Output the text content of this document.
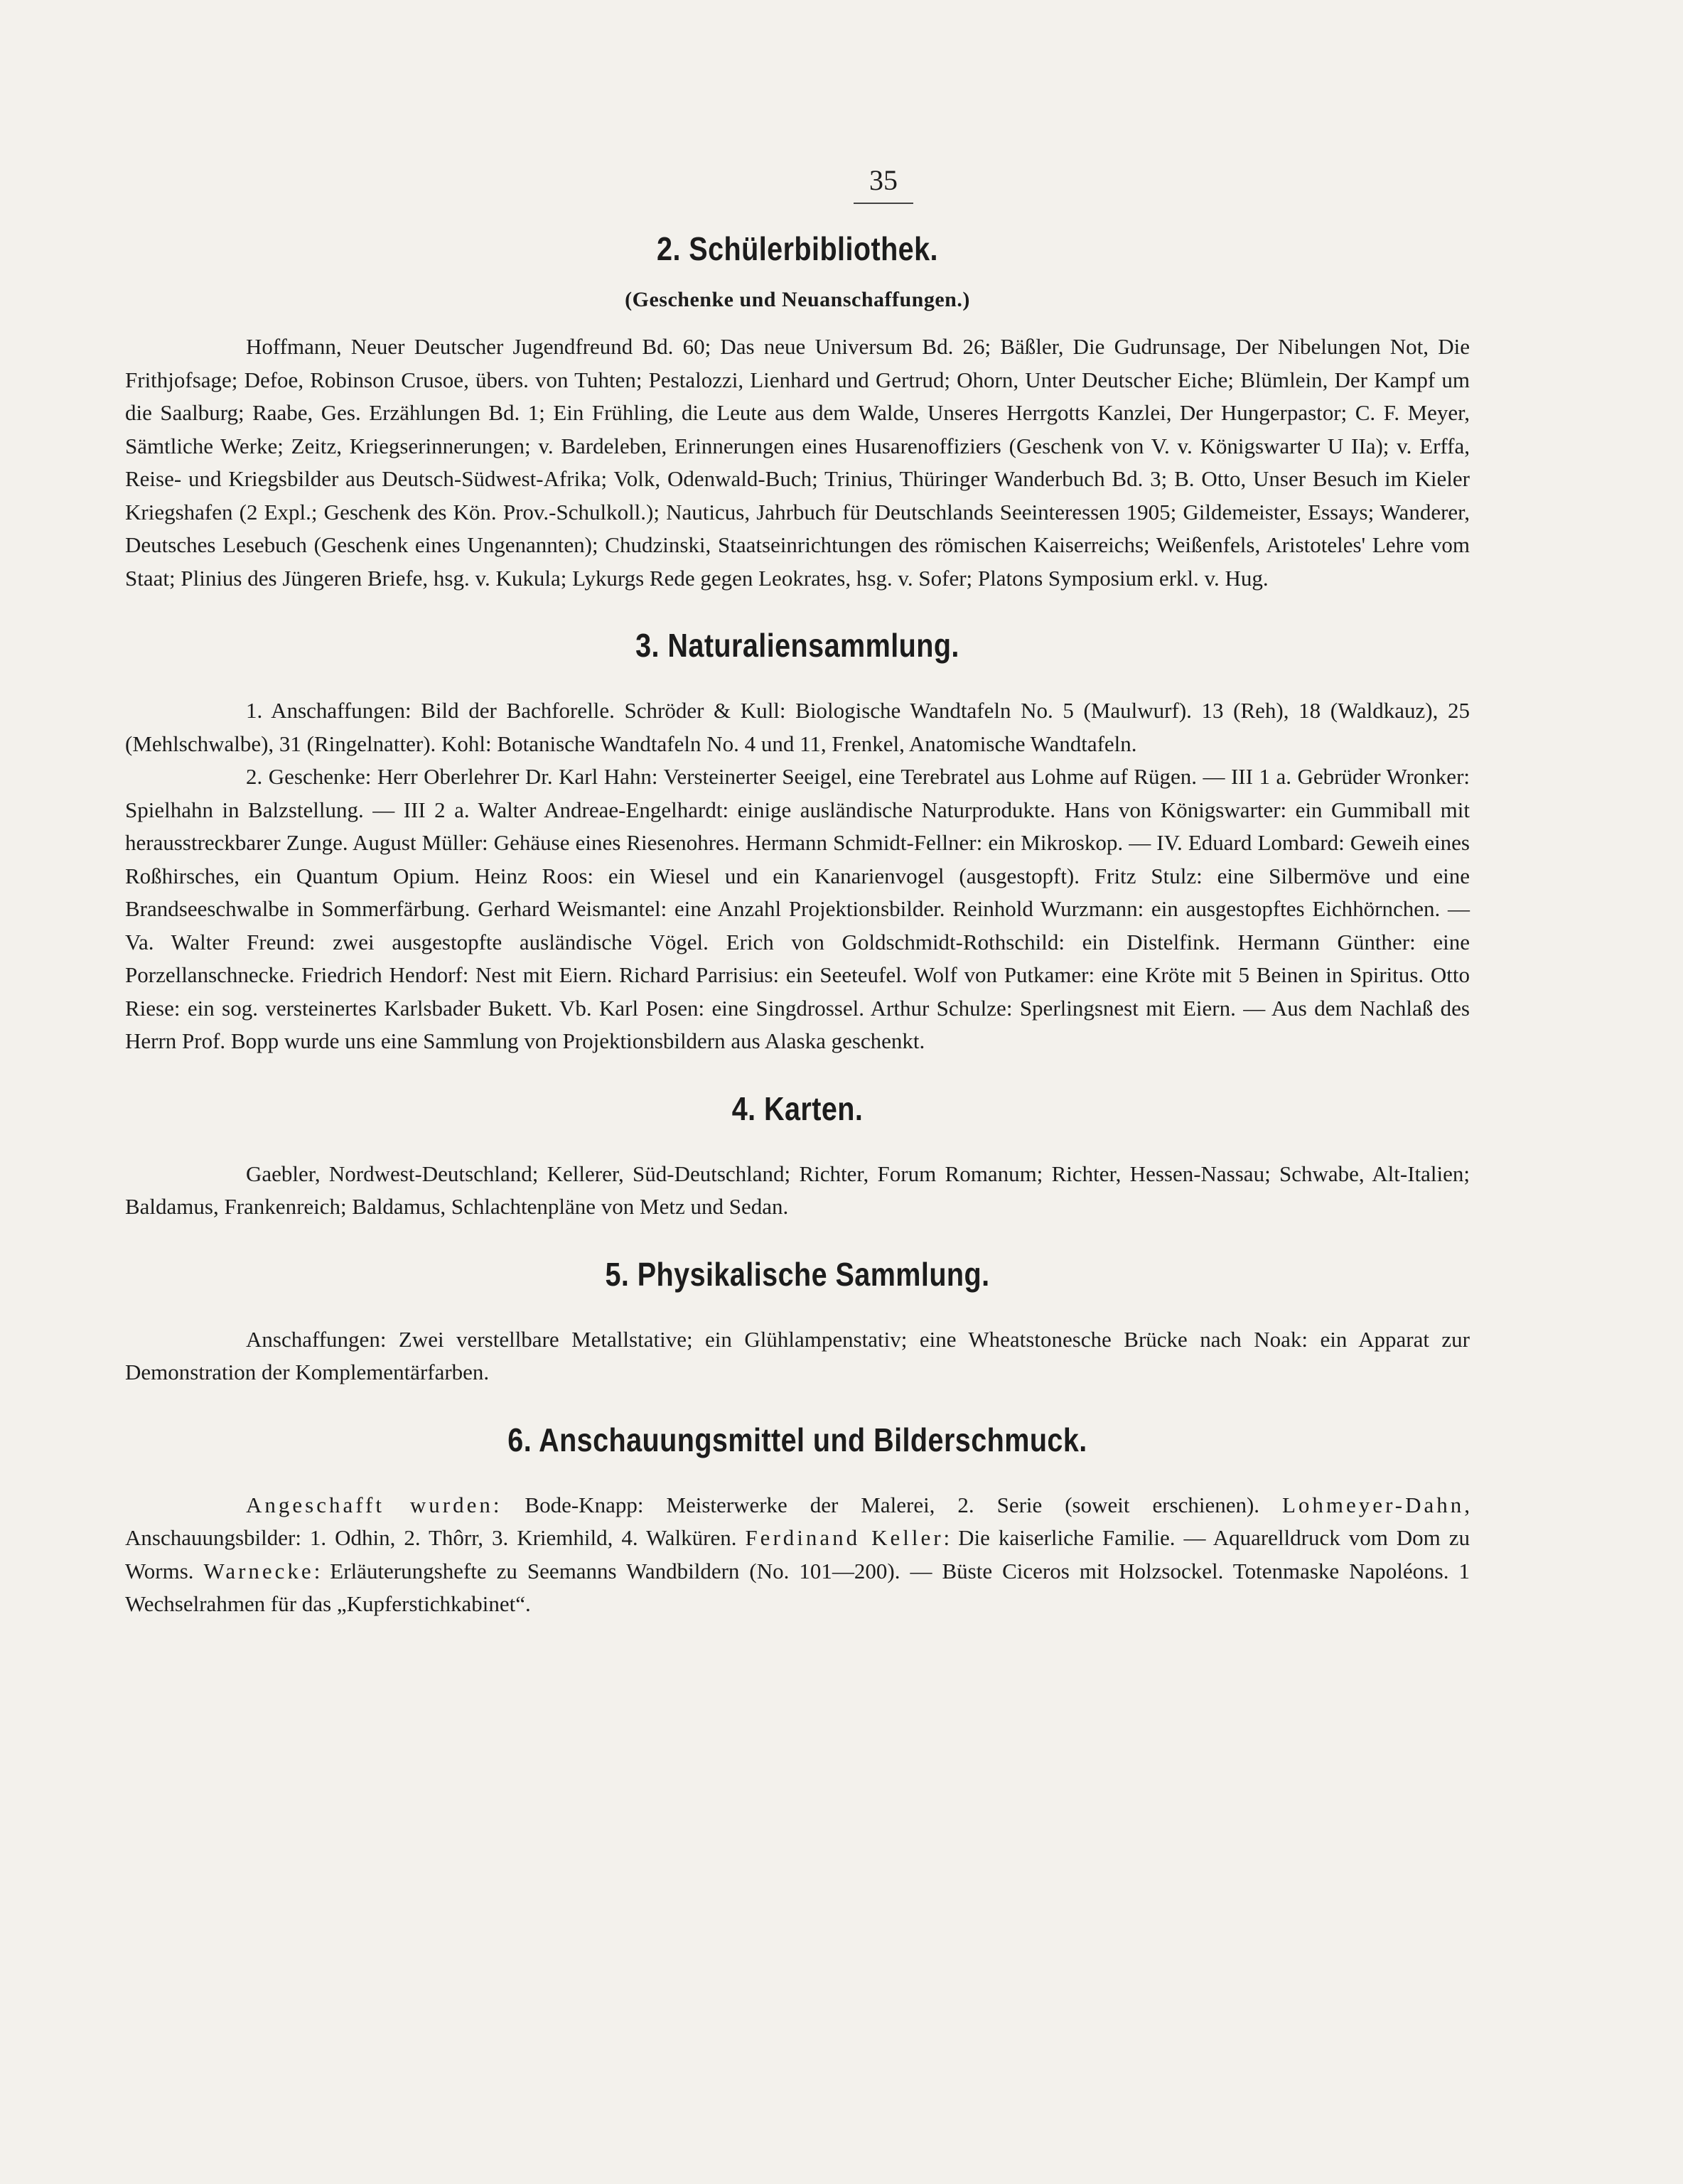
35
2. Schülerbibliothek.
(Geschenke und Neuanschaffungen.)

Hoffmann, Neuer Deutscher Jugendfreund Bd. 60; Das neue Universum Bd. 26; Bäßler, Die Gudrunsage, Der Nibelungen Not, Die Frithjofsage; Defoe, Robinson Crusoe, übers. von Tuhten; Pestalozzi, Lienhard und Gertrud; Ohorn, Unter Deutscher Eiche; Blümlein, Der Kampf um die Saalburg; Raabe, Ges. Erzählungen Bd. 1; Ein Frühling, die Leute aus dem Walde, Unseres Herrgotts Kanzlei, Der Hungerpastor; C. F. Meyer, Sämtliche Werke; Zeitz, Kriegserinnerungen; v. Bardeleben, Erinnerungen eines Husarenoffiziers (Geschenk von V. v. Königswarter U IIa); v. Erffa, Reise- und Kriegsbilder aus Deutsch-Südwest-Afrika; Volk, Odenwald-Buch; Trinius, Thüringer Wanderbuch Bd. 3; B. Otto, Unser Besuch im Kieler Kriegshafen (2 Expl.; Geschenk des Kön. Prov.-Schulkoll.); Nauticus, Jahrbuch für Deutschlands Seeinteressen 1905; Gildemeister, Essays; Wanderer, Deutsches Lesebuch (Geschenk eines Ungenannten); Chudzinski, Staatseinrichtungen des römischen Kaiserreichs; Weißenfels, Aristoteles' Lehre vom Staat; Plinius des Jüngeren Briefe, hsg. v. Kukula; Lykurgs Rede gegen Leokrates, hsg. v. Sofer; Platons Symposium erkl. v. Hug.

3. Naturaliensammlung.

1. Anschaffungen: Bild der Bachforelle. Schröder & Kull: Biologische Wandtafeln No. 5 (Maulwurf). 13 (Reh), 18 (Waldkauz), 25 (Mehlschwalbe), 31 (Ringelnatter). Kohl: Botanische Wandtafeln No. 4 und 11, Frenkel, Anatomische Wandtafeln.

2. Geschenke: Herr Oberlehrer Dr. Karl Hahn: Versteinerter Seeigel, eine Terebratel aus Lohme auf Rügen. — III 1 a. Gebrüder Wronker: Spielhahn in Balzstellung. — III 2 a. Walter Andreae-Engelhardt: einige ausländische Naturprodukte. Hans von Königswarter: ein Gummiball mit herausstreckbarer Zunge. August Müller: Gehäuse eines Riesenohres. Hermann Schmidt-Fellner: ein Mikroskop. — IV. Eduard Lombard: Geweih eines Roßhirsches, ein Quantum Opium. Heinz Roos: ein Wiesel und ein Kanarienvogel (ausgestopft). Fritz Stulz: eine Silbermöve und eine Brandseeschwalbe in Sommerfärbung. Gerhard Weismantel: eine Anzahl Projektionsbilder. Reinhold Wurzmann: ein ausgestopftes Eichhörnchen. — Va. Walter Freund: zwei ausgestopfte ausländische Vögel. Erich von Goldschmidt-Rothschild: ein Distelfink. Hermann Günther: eine Porzellanschnecke. Friedrich Hendorf: Nest mit Eiern. Richard Parrisius: ein Seeteufel. Wolf von Putkamer: eine Kröte mit 5 Beinen in Spiritus. Otto Riese: ein sog. versteinertes Karlsbader Bukett. Vb. Karl Posen: eine Singdrossel. Arthur Schulze: Sperlingsnest mit Eiern. — Aus dem Nachlaß des Herrn Prof. Bopp wurde uns eine Sammlung von Projektionsbildern aus Alaska geschenkt.

4. Karten.

Gaebler, Nordwest-Deutschland; Kellerer, Süd-Deutschland; Richter, Forum Romanum; Richter, Hessen-Nassau; Schwabe, Alt-Italien; Baldamus, Frankenreich; Baldamus, Schlachtenpläne von Metz und Sedan.

5. Physikalische Sammlung.

Anschaffungen: Zwei verstellbare Metallstative; ein Glühlampenstativ; eine Wheatstonesche Brücke nach Noak: ein Apparat zur Demonstration der Komplementärfarben.

6. Anschauungsmittel und Bilderschmuck.

Angeschafft wurden: Bode-Knapp: Meisterwerke der Malerei, 2. Serie (soweit erschienen). Lohmeyer-Dahn, Anschauungsbilder: 1. Odhin, 2. Thôrr, 3. Kriemhild, 4. Walküren. Ferdinand Keller: Die kaiserliche Familie. — Aquarelldruck vom Dom zu Worms. Warnecke: Erläuterungshefte zu Seemanns Wandbildern (No. 101—200). — Büste Ciceros mit Holzsockel. Totenmaske Napoléons. 1 Wechselrahmen für das „Kupferstichkabinet“.
